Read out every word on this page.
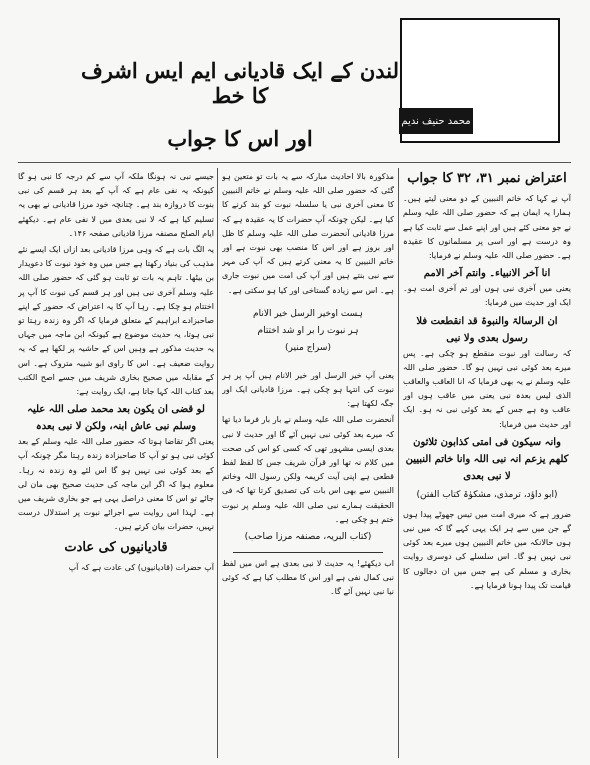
لندن کے ایک قادیانی ایم ایس اشرف کا خط
اور اس کا جواب
محمد حنیف ندیم
اعتراض نمبر ۳۱، ۳۲ کا جواب

آپ نے کہا کہ خاتم النبیین کے دو معنی لیتے ہیں۔ ہمارا یہ ایمان ہے کہ حضور صلی اللہ علیہ وسلم نے جو معنی کئے ہیں اور اپنے عمل سے ثابت کیا ہے وہ درست ہے اور اسی پر مسلمانوں کا عقیدہ ہے۔ حضور صلی اللہ علیہ وسلم نے فرمایا:

انا آخر الانبیاء۔ وانتم آخر الامم

یعنی میں آخری نبی ہوں اور تم آخری امت ہو۔ ایک اور حدیث میں فرمایا:

ان الرسالۃ والنبوۃ قد انقطعت فلا رسول بعدی ولا نبی

کہ رسالت اور نبوت منقطع ہو چکی ہے۔ پس میرے بعد کوئی نبی نہیں ہو گا۔ حضور صلی اللہ علیہ وسلم نے یہ بھی فرمایا کہ انا العاقب والعاقب الذی لیس بعدہ نبی یعنی میں عاقب ہوں اور عاقب وہ ہے جس کے بعد کوئی نبی نہ ہو۔ ایک اور حدیث میں فرمایا:

وانہ سیکون فی امتی کذابون ثلاثون کلھم یزعم انہ نبی اللہ وانا خاتم النبیین لا نبی بعدی
(ابو داؤد، ترمذی، مشکوٰۃ کتاب الفتن)

ضرور ہے کہ میری امت میں تیس جھوٹے پیدا ہوں گے جن میں سے ہر ایک یہی کہے گا کہ میں نبی ہوں حالانکہ میں خاتم النبیین ہوں میرے بعد کوئی نبی نہیں ہو گا۔ اس سلسلے کی دوسری روایت بخاری و مسلم کی ہے جس میں ان دجالوں کا قیامت تک پیدا ہونا فرمایا ہے۔

مذکورہ بالا احادیث مبارکہ سے یہ بات تو متعین ہو گئی کہ حضور صلی اللہ علیہ وسلم نے خاتم النبیین کا معنی آخری نبی یا سلسلہ نبوت کو بند کرنے کا کیا ہے۔ لیکن چونکہ آپ حضرات کا یہ عقیدہ ہے کہ مرزا قادیانی آنحضرت صلی اللہ علیہ وسلم کا ظل اور بروز ہے اور اس کا منصب بھی نبوت ہے اور خاتم النبیین کا یہ معنی کرتے ہیں کہ آپ کی مہر سے نبی بنتے ہیں اور آپ کی امت میں نبوت جاری ہے۔ اس سے زیادہ گستاخی اور کیا ہو سکتی ہے۔

ہست اوخیر الرسل خیر الانام
ہر نبوت را بر او شد اختتام
(سراج منیر)

یعنی آپ خیر الرسل اور خیر الانام ہیں آپ پر ہر نبوت کی انتہا ہو چکی ہے۔ مرزا قادیانی ایک اور جگہ لکھتا ہے:

آنحضرت صلی اللہ علیہ وسلم نے بار بار فرما دیا تھا کہ میرے بعد کوئی نبی نہیں آئے گا اور حدیث لا نبی بعدی ایسی مشہور تھی کہ کسی کو اس کی صحت میں کلام نہ تھا اور قرآن شریف جس کا لفظ لفظ قطعی ہے اپنی آیت کریمہ ولکن رسول اللہ وخاتم النبیین سے بھی اس بات کی تصدیق کرتا تھا کہ فی الحقیقت ہمارے نبی صلی اللہ علیہ وسلم پر نبوت ختم ہو چکی ہے۔

(کتاب البریہ، مصنفہ مرزا صاحب)

اب دیکھئے! یہ حدیث لا نبی بعدی ہے اس میں لفظ نبی کمال نفی ہے اور اس کا مطلب کیا ہے کہ کوئی نیا نبی نہیں آئے گا۔

جیسے نبی نہ ہونگا ملکہ آپ سے کم درجہ کا نبی ہو گا کیونکہ یہ نفی عام ہے کہ آپ کے بعد ہر قسم کی نبی بنوت کا دروازہ بند ہے۔ چنانچہ خود مرزا قادیانی نے بھی یہ تسلیم کیا ہے کہ لا نبی بعدی میں لا نفی عام ہے۔ دیکھئے ایام الصلح مصنفہ مرزا قادیانی صفحہ ۱۴۶۔

یہ الگ بات ہے کہ وہی مرزا قادیانی بعد ازاں ایک ایسے نئے مذہب کی بنیاد رکھتا ہے جس میں وہ خود نبوت کا دعویدار بن بیٹھا۔ تاہم یہ بات تو ثابت ہو گئی کہ حضور صلی اللہ علیہ وسلم آخری نبی ہیں اور ہر قسم کی نبوت کا آپ پر اختتام ہو چکا ہے۔ رہا آپ کا یہ اعتراض کہ حضور کے اپنے صاحبزادے ابراہیم کے متعلق فرمایا کہ اگر وہ زندہ رہتا تو نبی ہوتا، یہ حدیث موضوع ہے کیونکہ ابن ماجہ میں جہاں یہ حدیث مذکور ہے وہیں اس کے حاشیہ پر لکھا ہے کہ یہ روایت ضعیف ہے۔ اس کا راوی ابو شیبہ متروک ہے۔ اس کے مقابلہ میں صحیح بخاری شریف میں جسے اصح الکتب بعد کتاب اللہ کہا جاتا ہے، ایک روایت ہے:

لو قضی ان یکون بعد محمد صلی اللہ علیہ وسلم نبی عاش ابنہ، ولکن لا نبی بعدہ

یعنی اگر تقاضا ہوتا کہ حضور صلی اللہ علیہ وسلم کے بعد کوئی نبی ہو تو آپ کا صاحبزادہ زندہ رہتا مگر چونکہ آپ کے بعد کوئی نبی نہیں ہو گا اس لئے وہ زندہ نہ رہا۔ معلوم ہوا کہ اگر ابن ماجہ کی حدیث صحیح بھی مان لی جائے تو اس کا معنی دراصل یہی ہے جو بخاری شریف میں ہے۔ لہذا اس روایت سے اجرائے نبوت پر استدلال درست نہیں، حضرات بیان کرتے ہیں۔

قادیانیوں کی عادت

آپ حضرات (قادیانیوں) کی عادت ہے کہ آپ
